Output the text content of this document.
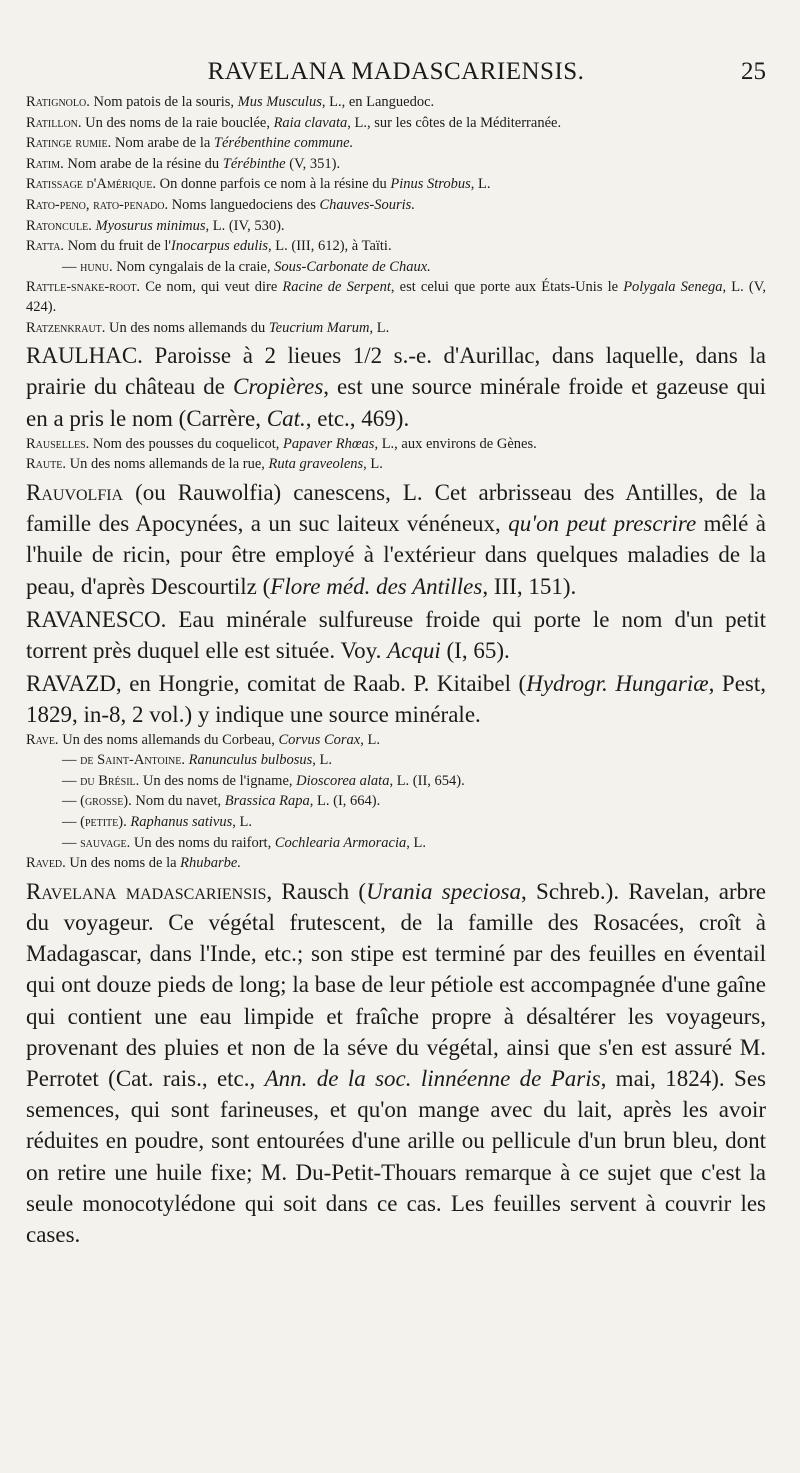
RAVELANA MADASCARIENSIS.	25

Ratignolo. Nom patois de la souris, Mus Musculus, L., en Languedoc.

Ratillon. Un des noms de la raie bouclée, Raia clavata, L., sur les côtes de la Méditerranée.

Ratinge rumie. Nom arabe de la Térébenthine commune.

Ratim. Nom arabe de la résine du Térébinthe (V, 351).

Ratissage d'Amérique. On donne parfois ce nom à la résine du Pinus Strobus, L.

Rato-peno, rato-penado. Noms languedociens des Chauves-Souris.

Ratoncule. Myosurus minimus, L. (IV, 530).

Ratta. Nom du fruit de l'Inocarpus edulis, L. (III, 612), à Taïti.

— hunu. Nom cyngalais de la craie, Sous-Carbonate de Chaux.

Rattle-snake-root. Ce nom, qui veut dire Racine de Serpent, est celui que porte aux États-Unis le Polygala Senega, L. (V, 424).

Ratzenkraut. Un des noms allemands du Teucrium Marum, L.

RAULHAC. Paroisse à 2 lieues 1/2 s.-e. d'Aurillac, dans laquelle, dans la prairie du château de Cropières, est une source minérale froide et gazeuse qui en a pris le nom (Carrère, Cat., etc., 469).

Rauselles. Nom des pousses du coquelicot, Papaver Rhœas, L., aux environs de Gènes.

Raute. Un des noms allemands de la rue, Ruta graveolens, L.

Rauvolfia (ou Rauwolfia) canescens, L. Cet arbrisseau des Antilles, de la famille des Apocynées, a un suc laiteux vénéneux, qu'on peut prescrire mêlé à l'huile de ricin, pour être employé à l'extérieur dans quelques maladies de la peau, d'après Descourtilz (Flore méd. des Antilles, III, 151).

RAVANESCO. Eau minérale sulfureuse froide qui porte le nom d'un petit torrent près duquel elle est située. Voy. Acqui (I, 65).

RAVAZD, en Hongrie, comitat de Raab. P. Kitaibel (Hydrogr. Hungariæ, Pest, 1829, in-8, 2 vol.) y indique une source minérale.

Rave. Un des noms allemands du Corbeau, Corvus Corax, L.

— de Saint-Antoine. Ranunculus bulbosus, L.

— du Brésil. Un des noms de l'igname, Dioscorea alata, L. (II, 654).

— (grosse). Nom du navet, Brassica Rapa, L. (I, 664).

— (petite). Raphanus sativus, L.

— sauvage. Un des noms du raifort, Cochlearia Armoracia, L.

Raved. Un des noms de la Rhubarbe.

Ravelana madascariensis, Rausch (Urania speciosa, Schreb.). Ravelan, arbre du voyageur. Ce végétal frutescent, de la famille des Rosacées, croît à Madagascar, dans l'Inde, etc.; son stipe est terminé par des feuilles en éventail qui ont douze pieds de long; la base de leur pétiole est accompagnée d'une gaîne qui contient une eau limpide et fraîche propre à désaltérer les voyageurs, provenant des pluies et non de la séve du végétal, ainsi que s'en est assuré M. Perrotet (Cat. rais., etc., Ann. de la soc. linnéenne de Paris, mai, 1824). Ses semences, qui sont farineuses, et qu'on mange avec du lait, après les avoir réduites en poudre, sont entourées d'une arille ou pellicule d'un brun bleu, dont on retire une huile fixe; M. Du-Petit-Thouars remarque à ce sujet que c'est la seule monocotylédone qui soit dans ce cas. Les feuilles servent à couvrir les cases.
